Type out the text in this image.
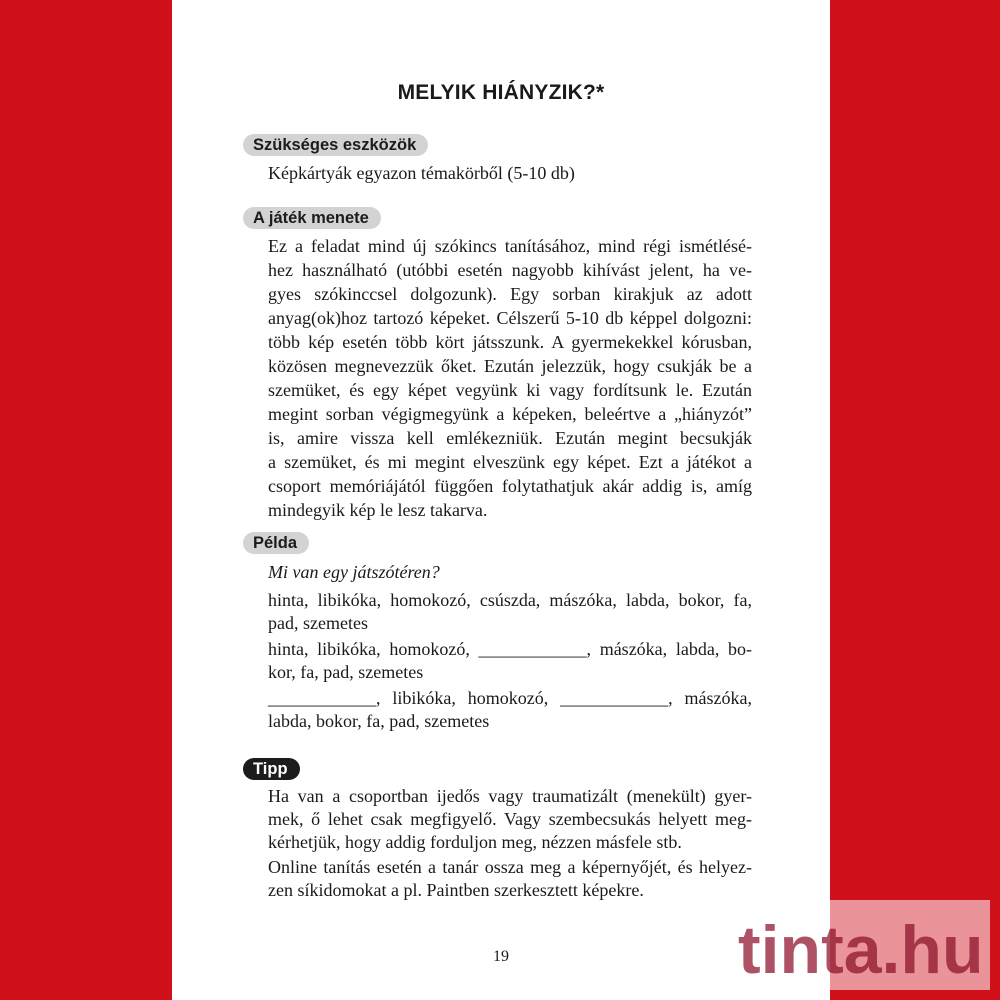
MELYIK HIÁNYZIK?*
Szükséges eszközök
Képkártyák egyazon témakörből (5-10 db)
A játék menete
Ez a feladat mind új szókincs tanításához, mind régi ismétlésé-
hez használható (utóbbi esetén nagyobb kihívást jelent, ha ve-
gyes szókinccsel dolgozunk). Egy sorban kirakjuk az adott
anyag(ok)hoz tartozó képeket. Célszerű 5-10 db képpel dolgozni:
több kép esetén több kört játsszunk. A gyermekekkel kórusban,
közösen megnevezzük őket. Ezután jelezzük, hogy csukják be a
szemüket, és egy képet vegyünk ki vagy fordítsunk le. Ezután
megint sorban végigmegyünk a képeken, beleértve a „hiányzót”
is, amire vissza kell emlékezniük. Ezután megint becsukják
a szemüket, és mi megint elveszünk egy képet. Ezt a játékot a
csoport memóriájától függően folytathatjuk akár addig is, amíg
mindegyik kép le lesz takarva.
Példa
Mi van egy játszótéren?
hinta, libikóka, homokozó, csúszda, mászóka, labda, bokor, fa,
pad, szemetes
hinta, libikóka, homokozó, ____________, mászóka, labda, bo-
kor, fa, pad, szemetes
____________, libikóka, homokozó, ____________, mászóka,
labda, bokor, fa, pad, szemetes
Tipp
Ha van a csoportban ijedős vagy traumatizált (menekült) gyer-
mek, ő lehet csak megfigyelő. Vagy szembecsukás helyett meg-
kérhetjük, hogy addig forduljon meg, nézzen másfele stb.
Online tanítás esetén a tanár ossza meg a képernyőjét, és helyez-
zen síkidomokat a pl. Paintben szerkesztett képekre.
19	tinta.hu
